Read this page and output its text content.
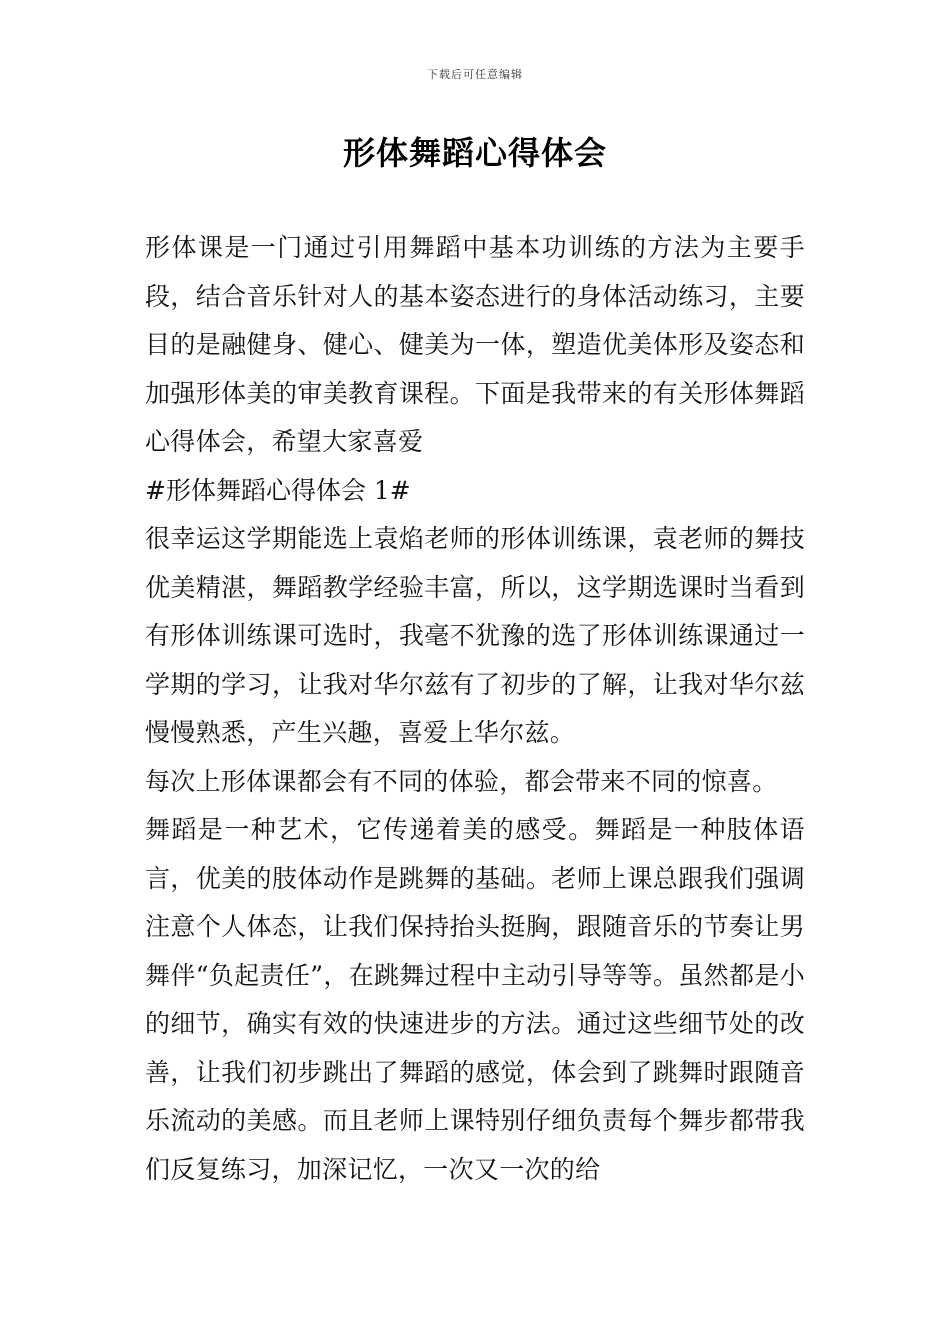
下载后可任意编辑
形体舞蹈心得体会

形体课是一门通过引用舞蹈中基本功训练的方法为主要手段，结合音乐针对人的基本姿态进行的身体活动练习，主要目的是融健身、健心、健美为一体，塑造优美体形及姿态和加强形体美的审美教育课程。下面是我带来的有关形体舞蹈心得体会，希望大家喜爱

#形体舞蹈心得体会 1#

很幸运这学期能选上袁焰老师的形体训练课，袁老师的舞技优美精湛，舞蹈教学经验丰富，所以，这学期选课时当看到有形体训练课可选时，我毫不犹豫的选了形体训练课通过一学期的学习，让我对华尔兹有了初步的了解，让我对华尔兹慢慢熟悉，产生兴趣，喜爱上华尔兹。

每次上形体课都会有不同的体验，都会带来不同的惊喜。

舞蹈是一种艺术，它传递着美的感受。舞蹈是一种肢体语言，优美的肢体动作是跳舞的基础。老师上课总跟我们强调注意个人体态，让我们保持抬头挺胸，跟随音乐的节奏让男舞伴“负起责任”，在跳舞过程中主动引导等等。虽然都是小的细节，确实有效的快速进步的方法。通过这些细节处的改善，让我们初步跳出了舞蹈的感觉，体会到了跳舞时跟随音乐流动的美感。而且老师上课特别仔细负责每个舞步都带我们反复练习，加深记忆，一次又一次的给
